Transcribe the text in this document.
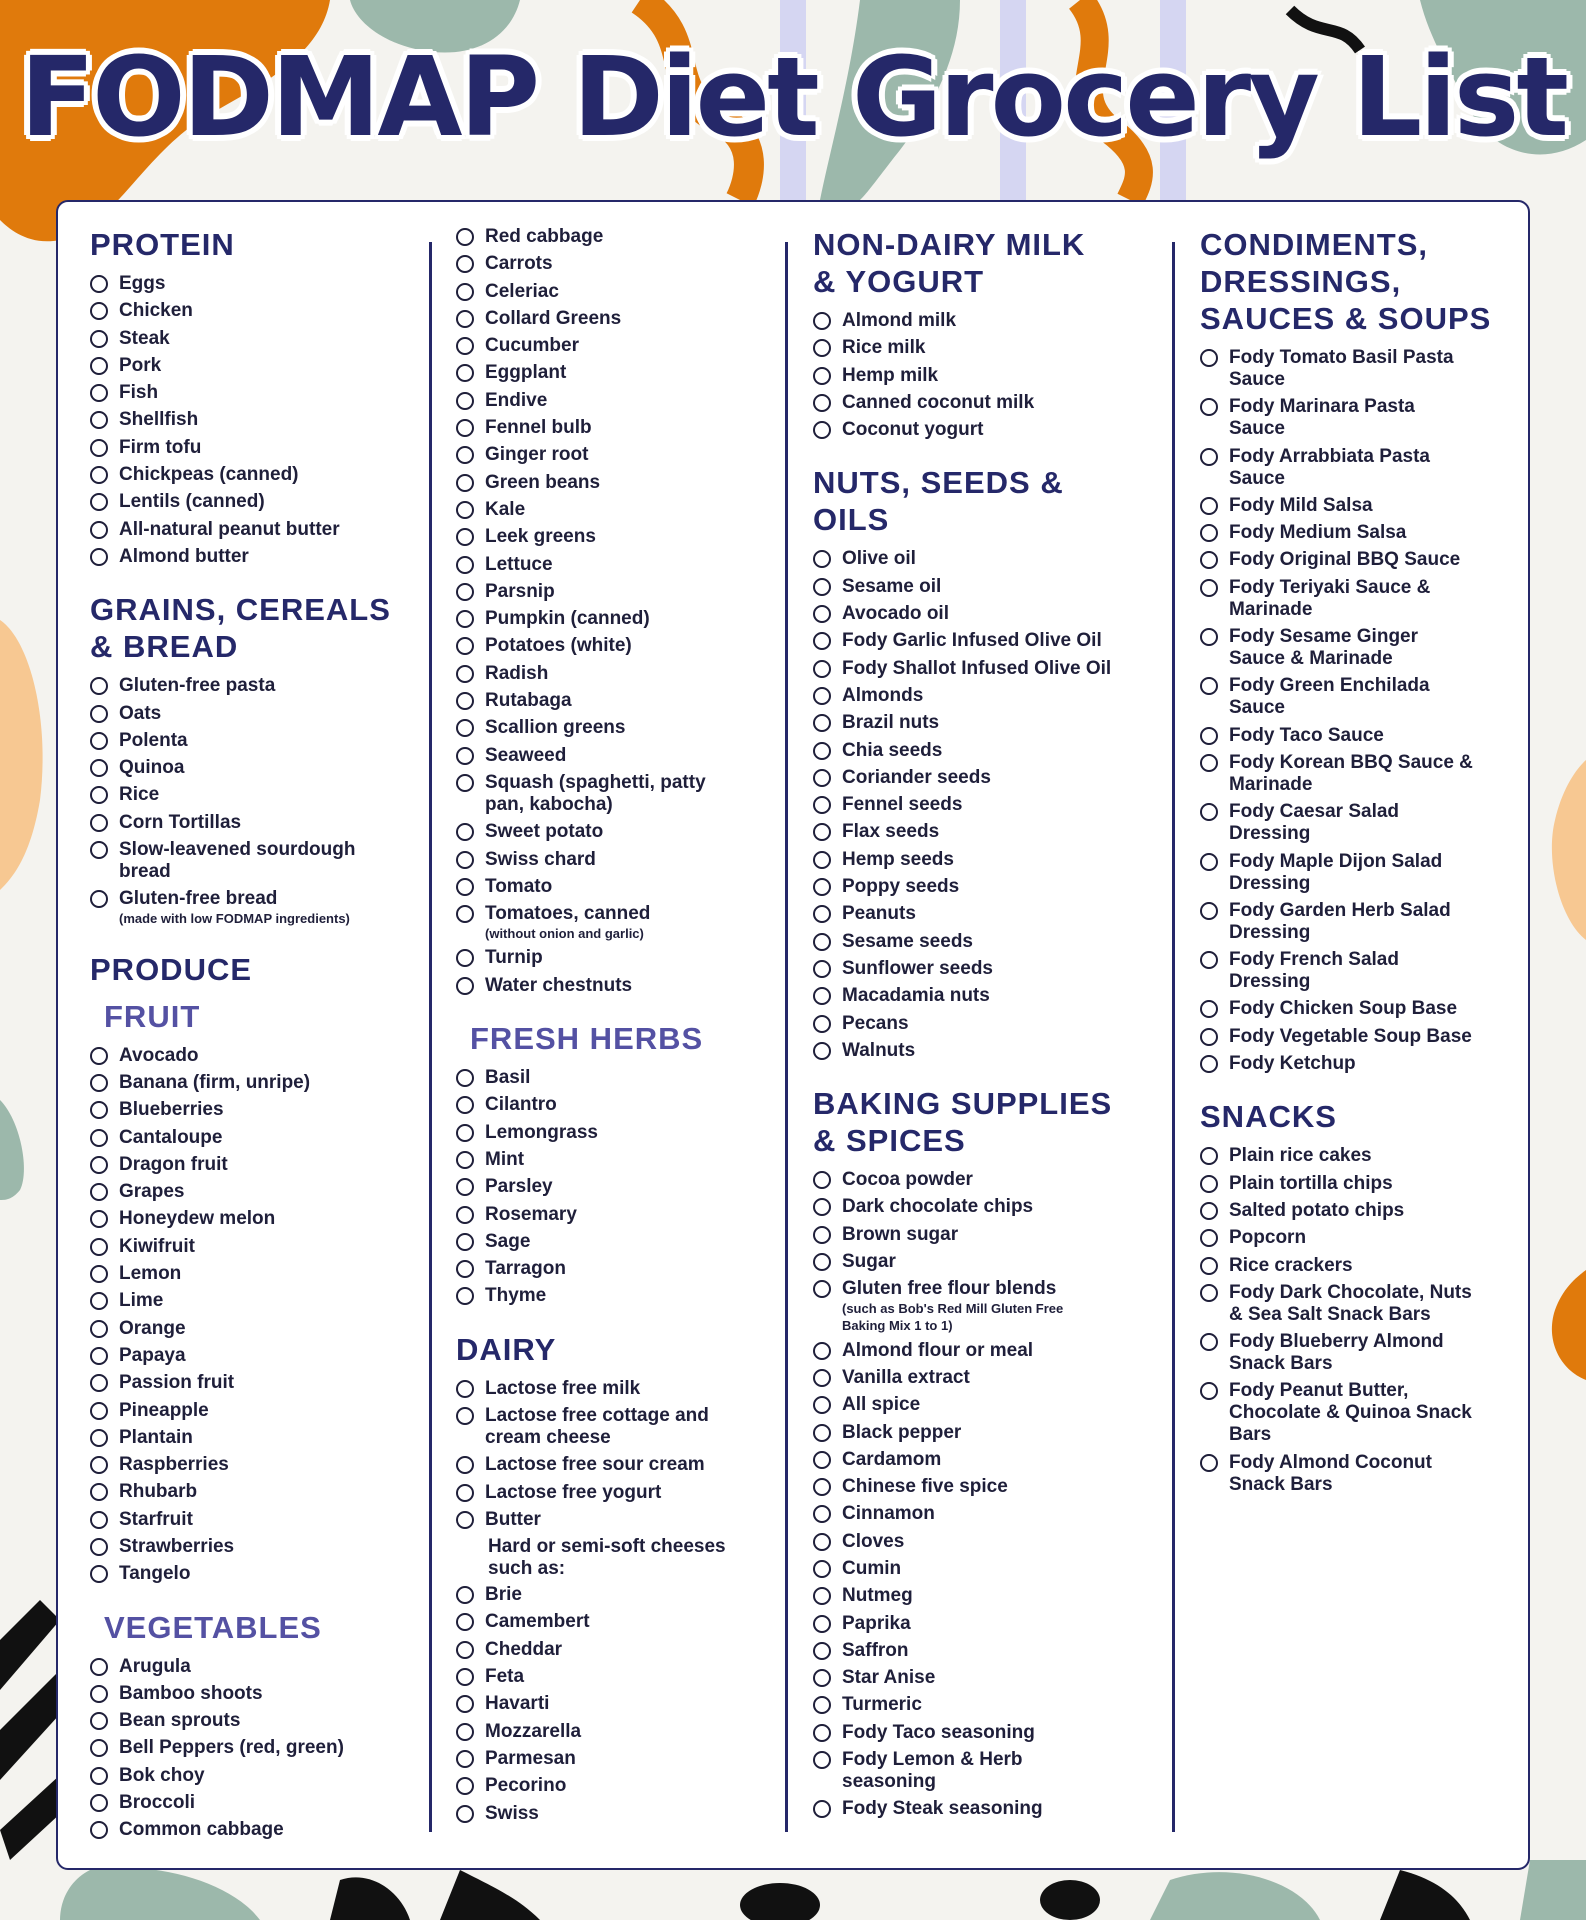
FODMAP Diet Grocery List
PROTEIN
Eggs
Chicken
Steak
Pork
Fish
Shellfish
Firm tofu
Chickpeas (canned)
Lentils (canned)
All-natural peanut butter
Almond butter
GRAINS, CEREALS
& BREAD
Gluten-free pasta
Oats
Polenta
Quinoa
Rice
Corn Tortillas
Slow-leavened sourdough
bread
Gluten-free bread
(made with low FODMAP ingredients)
PRODUCE
FRUIT
Avocado
Banana (firm, unripe)
Blueberries
Cantaloupe
Dragon fruit
Grapes
Honeydew melon
Kiwifruit
Lemon
Lime
Orange
Papaya
Passion fruit
Pineapple
Plantain
Raspberries
Rhubarb
Starfruit
Strawberries
Tangelo
VEGETABLES
Arugula
Bamboo shoots
Bean sprouts
Bell Peppers (red, green)
Bok choy
Broccoli
Common cabbage
Red cabbage
Carrots
Celeriac
Collard Greens
Cucumber
Eggplant
Endive
Fennel bulb
Ginger root
Green beans
Kale
Leek greens
Lettuce
Parsnip
Pumpkin (canned)
Potatoes (white)
Radish
Rutabaga
Scallion greens
Seaweed
Squash (spaghetti, patty
pan, kabocha)
Sweet potato
Swiss chard
Tomato
Tomatoes, canned
(without onion and garlic)
Turnip
Water chestnuts
FRESH HERBS
Basil
Cilantro
Lemongrass
Mint
Parsley
Rosemary
Sage
Tarragon
Thyme
DAIRY
Lactose free milk
Lactose free cottage and
cream cheese
Lactose free sour cream
Lactose free yogurt
Butter
Hard or semi-soft cheeses
such as:
Brie
Camembert
Cheddar
Feta
Havarti
Mozzarella
Parmesan
Pecorino
Swiss
NON-DAIRY MILK
& YOGURT
Almond milk
Rice milk
Hemp milk
Canned coconut milk
Coconut yogurt
NUTS, SEEDS &
OILS
Olive oil
Sesame oil
Avocado oil
Fody Garlic Infused Olive Oil
Fody Shallot Infused Olive Oil
Almonds
Brazil nuts
Chia seeds
Coriander seeds
Fennel seeds
Flax seeds
Hemp seeds
Poppy seeds
Peanuts
Sesame seeds
Sunflower seeds
Macadamia nuts
Pecans
Walnuts
BAKING SUPPLIES
& SPICES
Cocoa powder
Dark chocolate chips
Brown sugar
Sugar
Gluten free flour blends
(such as Bob's Red Mill Gluten Free
Baking Mix 1 to 1)
Almond flour or meal
Vanilla extract
All spice
Black pepper
Cardamom
Chinese five spice
Cinnamon
Cloves
Cumin
Nutmeg
Paprika
Saffron
Star Anise
Turmeric
Fody Taco seasoning
Fody Lemon & Herb
seasoning
Fody Steak seasoning
CONDIMENTS,
DRESSINGS,
SAUCES & SOUPS
Fody Tomato Basil Pasta
Sauce
Fody Marinara Pasta
Sauce
Fody Arrabbiata Pasta
Sauce
Fody Mild Salsa
Fody Medium Salsa
Fody Original BBQ Sauce
Fody Teriyaki Sauce &
Marinade
Fody Sesame Ginger
Sauce & Marinade
Fody Green Enchilada
Sauce
Fody Taco Sauce
Fody Korean BBQ Sauce &
Marinade
Fody Caesar Salad
Dressing
Fody Maple Dijon Salad
Dressing
Fody Garden Herb Salad
Dressing
Fody French Salad
Dressing
Fody Chicken Soup Base
Fody Vegetable Soup Base
Fody Ketchup
SNACKS
Plain rice cakes
Plain tortilla chips
Salted potato chips
Popcorn
Rice crackers
Fody Dark Chocolate, Nuts
& Sea Salt Snack Bars
Fody Blueberry Almond
Snack Bars
Fody Peanut Butter,
Chocolate & Quinoa Snack
Bars
Fody Almond Coconut
Snack Bars
